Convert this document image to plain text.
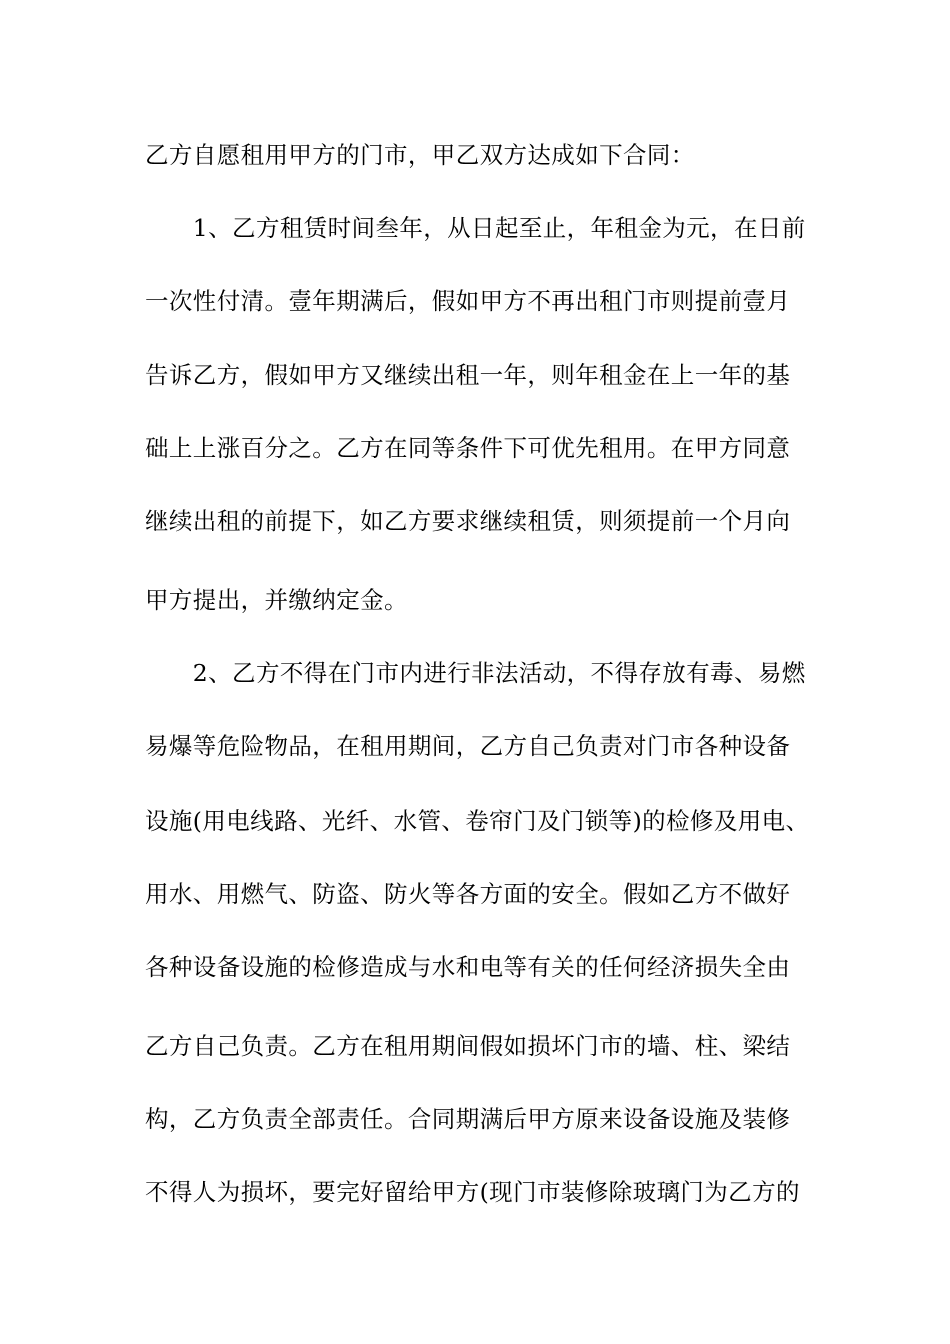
乙方自愿租用甲方的门市，甲乙双方达成如下合同：
　　1、乙方租赁时间叁年，从日起至止，年租金为元，在日前
一次性付清。壹年期满后，假如甲方不再出租门市则提前壹月
告诉乙方，假如甲方又继续出租一年，则年租金在上一年的基
础上上涨百分之。乙方在同等条件下可优先租用。在甲方同意
继续出租的前提下，如乙方要求继续租赁，则须提前一个月向
甲方提出，并缴纳定金。
　　2、乙方不得在门市内进行非法活动，不得存放有毒、易燃
易爆等危险物品，在租用期间，乙方自己负责对门市各种设备
设施(用电线路、光纤、水管、卷帘门及门锁等)的检修及用电、
用水、用燃气、防盗、防火等各方面的安全。假如乙方不做好
各种设备设施的检修造成与水和电等有关的任何经济损失全由
乙方自己负责。乙方在租用期间假如损坏门市的墙、柱、梁结
构，乙方负责全部责任。合同期满后甲方原来设备设施及装修
不得人为损坏，要完好留给甲方(现门市装修除玻璃门为乙方的
